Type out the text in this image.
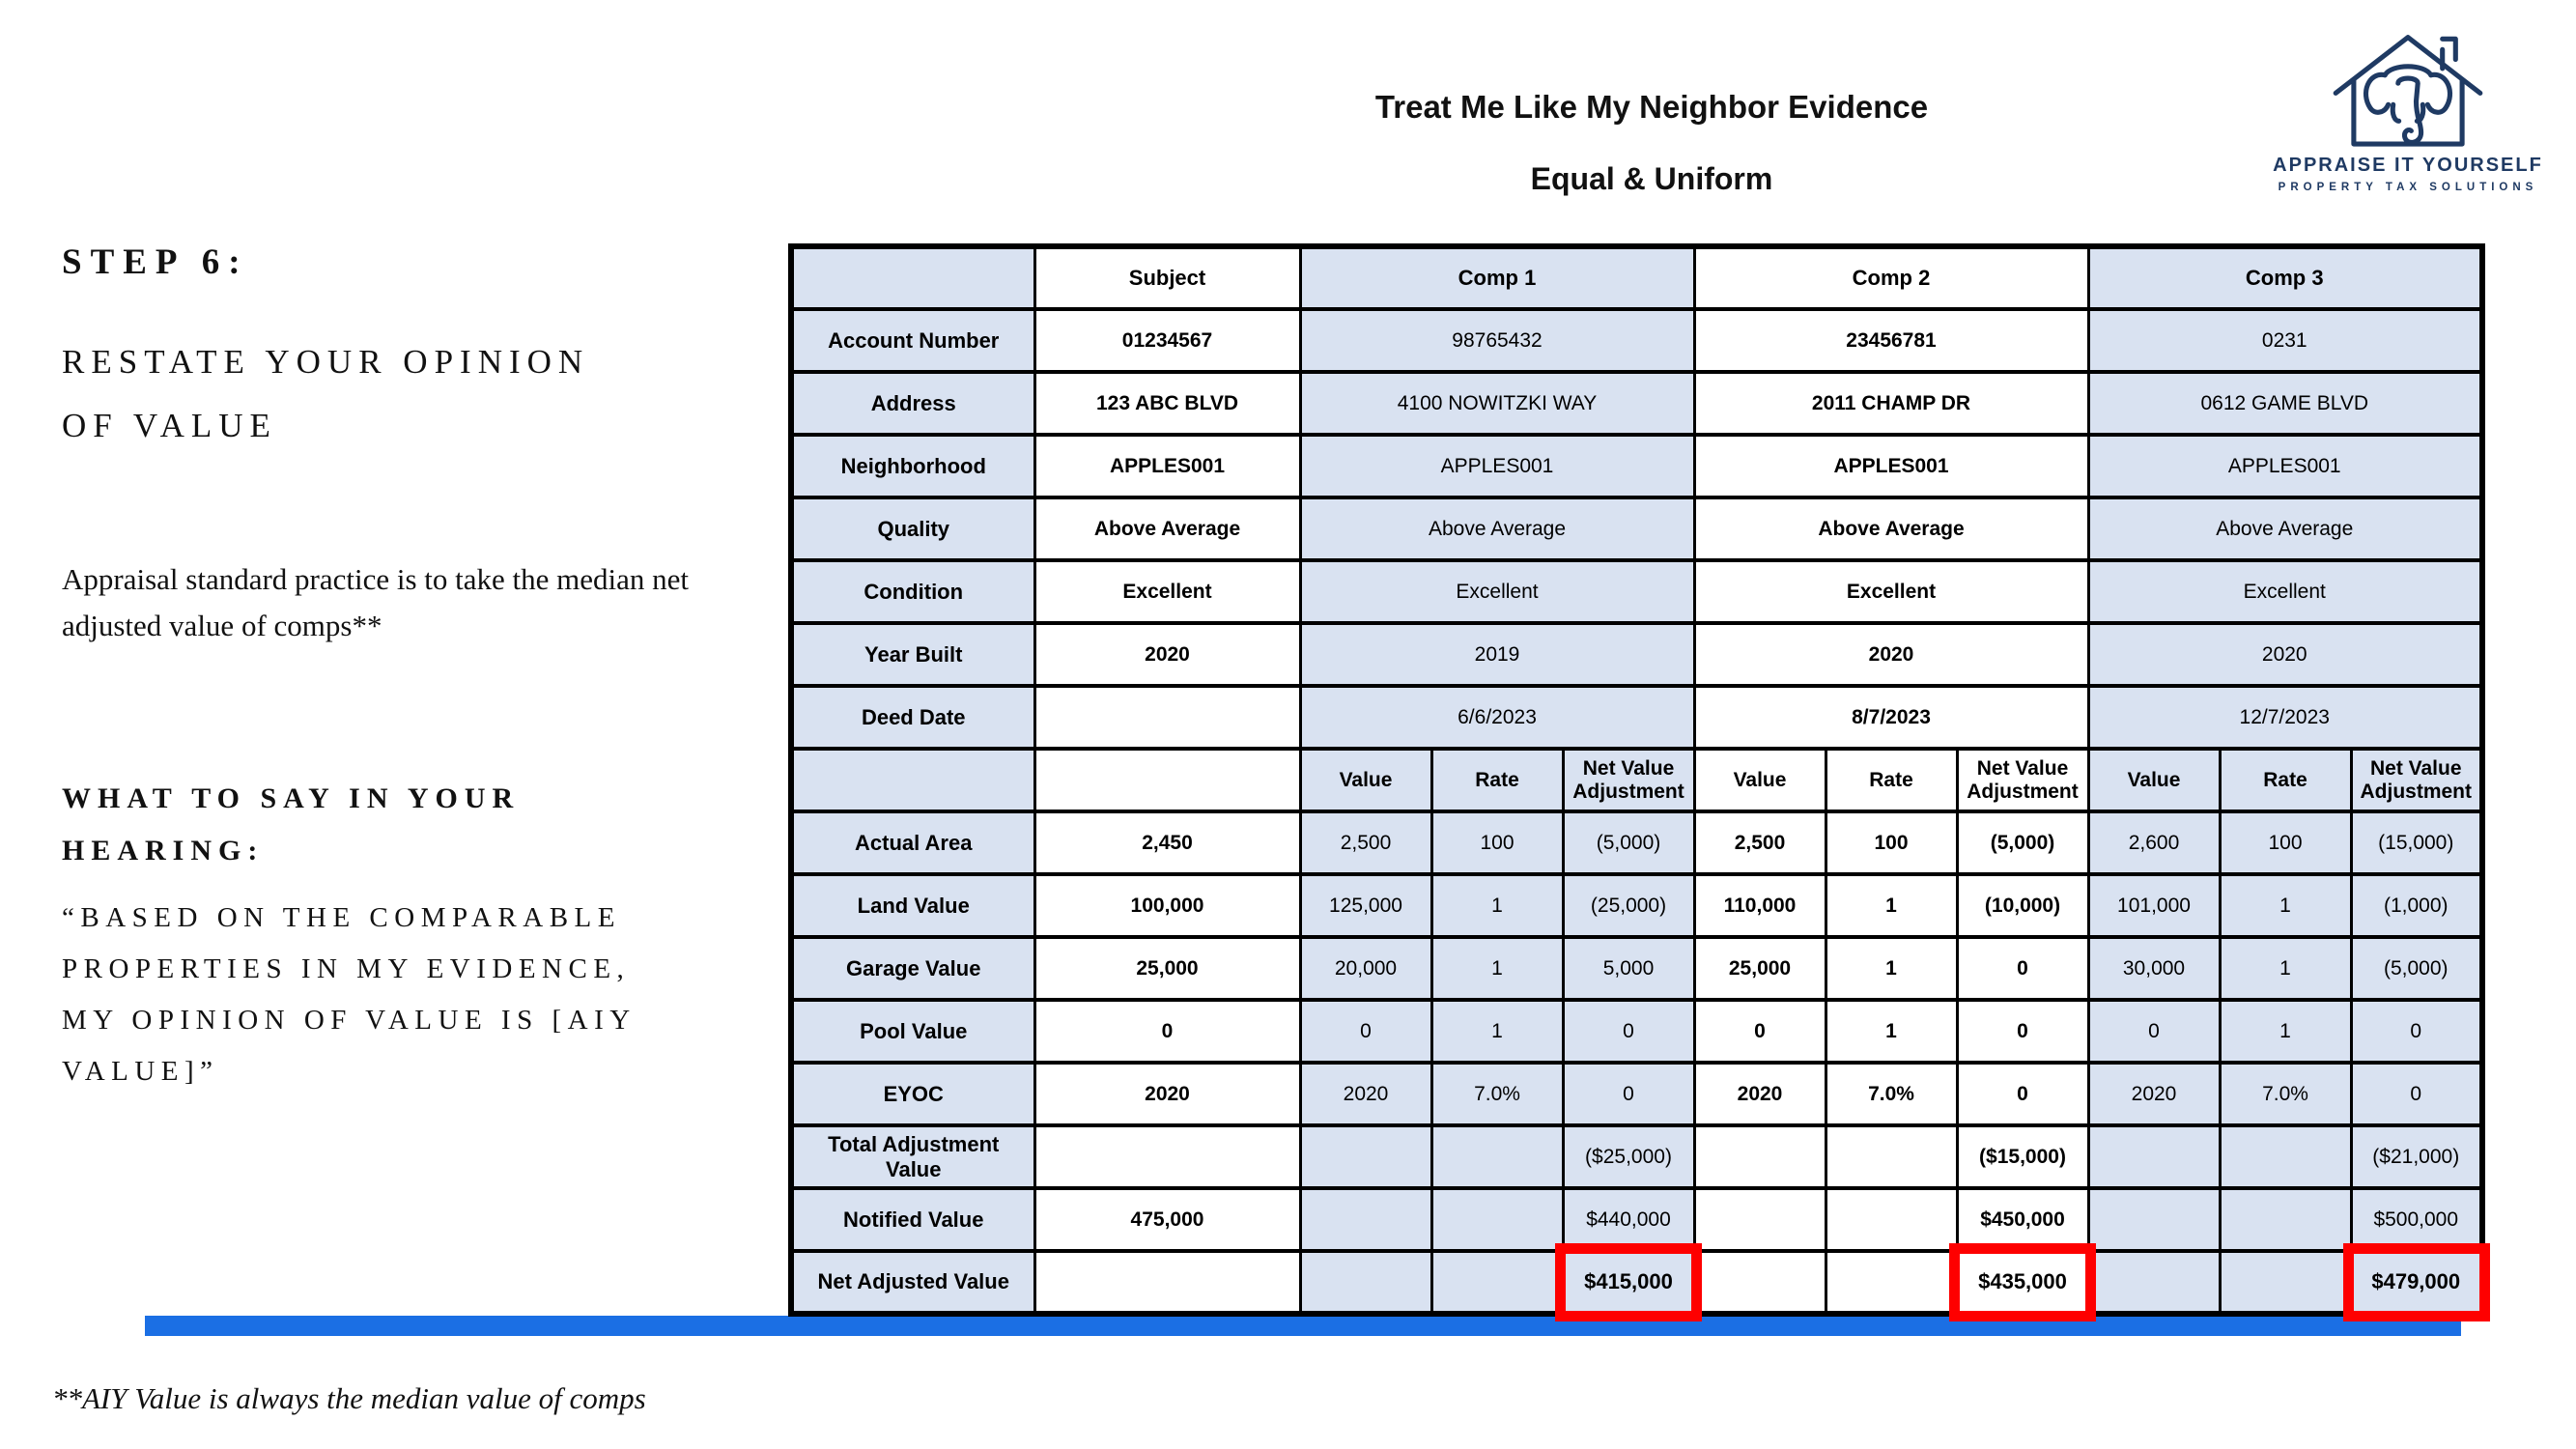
Treat Me Like My Neighbor Evidence
Equal & Uniform	APPRAISE IT YOURSELF
PROPERTY TAX SOLUTIONS
STEP 6:
RESTATE YOUR OPINION OF VALUE
Appraisal standard practice is to take the median net adjusted value of comps**
WHAT TO SAY IN YOUR HEARING:
“BASED ON THE COMPARABLE PROPERTIES IN MY EVIDENCE, MY OPINION OF VALUE IS [AIY VALUE]”
**AIY Value is always the median value of comps
	Subject	Comp 1			Comp 2			Comp 3		
Account Number	01234567	98765432			23456781			0231		
Address	123 ABC BLVD	4100 NOWITZKI WAY			2011 CHAMP DR			0612 GAME BLVD		
Neighborhood	APPLES001	APPLES001			APPLES001			APPLES001		
Quality	Above Average	Above Average			Above Average			Above Average		
Condition	Excellent	Excellent			Excellent			Excellent		
Year Built	2020	2019			2020			2020		
Deed Date		6/6/2023			8/7/2023			12/7/2023		
		Value	Rate	Net Value Adjustment	Value	Rate	Net Value Adjustment	Value	Rate	Net Value Adjustment
Actual Area	2,450	2,500	100	(5,000)	2,500	100	(5,000)	2,600	100	(15,000)
Land Value	100,000	125,000	1	(25,000)	110,000	1	(10,000)	101,000	1	(1,000)
Garage Value	25,000	20,000	1	5,000	25,000	1	0	30,000	1	(5,000)
Pool Value	0	0	1	0	0	1	0	0	1	0
EYOC	2020	2020	7.0%	0	2020	7.0%	0	2020	7.0%	0
Total Adjustment Value				($25,000)			($15,000)			($21,000)
Notified Value	475,000			$440,000			$450,000			$500,000
Net Adjusted Value				$415,000			$435,000			$479,000
